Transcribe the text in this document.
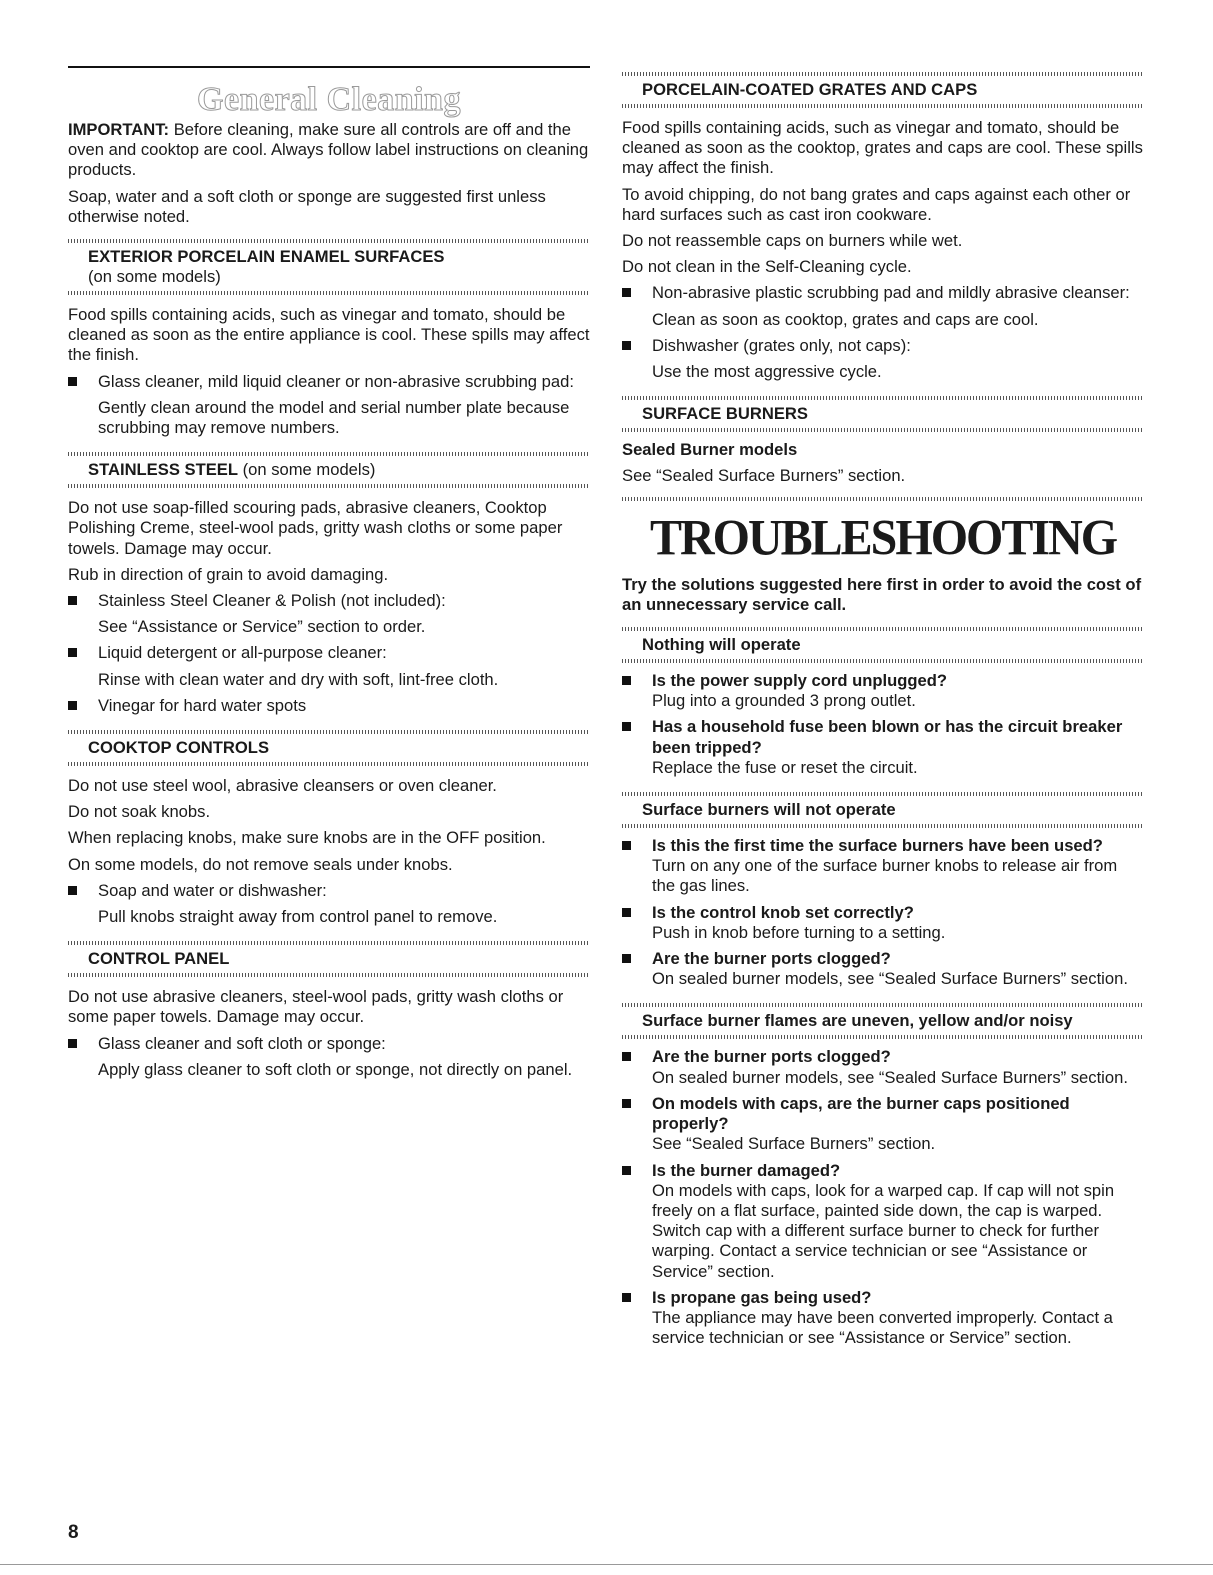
General Cleaning

IMPORTANT: Before cleaning, make sure all controls are off and the oven and cooktop are cool. Always follow label instructions on cleaning products.

Soap, water and a soft cloth or sponge are suggested first unless otherwise noted.

EXTERIOR PORCELAIN ENAMEL SURFACES
(on some models)

Food spills containing acids, such as vinegar and tomato, should be cleaned as soon as the entire appliance is cool. These spills may affect the finish.

Glass cleaner, mild liquid cleaner or non-abrasive scrubbing pad:
Gently clean around the model and serial number plate because scrubbing may remove numbers.
STAINLESS STEEL (on some models)

Do not use soap-filled scouring pads, abrasive cleaners, Cooktop Polishing Creme, steel-wool pads, gritty wash cloths or some paper towels. Damage may occur.

Rub in direction of grain to avoid damaging.

Stainless Steel Cleaner & Polish (not included):
See “Assistance or Service” section to order.
Liquid detergent or all-purpose cleaner:
Rinse with clean water and dry with soft, lint-free cloth.
Vinegar for hard water spots
COOKTOP CONTROLS

Do not use steel wool, abrasive cleansers or oven cleaner.

Do not soak knobs.

When replacing knobs, make sure knobs are in the OFF position.

On some models, do not remove seals under knobs.

Soap and water or dishwasher:
Pull knobs straight away from control panel to remove.
CONTROL PANEL

Do not use abrasive cleaners, steel-wool pads, gritty wash cloths or some paper towels. Damage may occur.

Glass cleaner and soft cloth or sponge:
Apply glass cleaner to soft cloth or sponge, not directly on panel.
PORCELAIN-COATED GRATES AND CAPS

Food spills containing acids, such as vinegar and tomato, should be cleaned as soon as the cooktop, grates and caps are cool. These spills may affect the finish.

To avoid chipping, do not bang grates and caps against each other or hard surfaces such as cast iron cookware.

Do not reassemble caps on burners while wet.

Do not clean in the Self-Cleaning cycle.

Non-abrasive plastic scrubbing pad and mildly abrasive cleanser:
Clean as soon as cooktop, grates and caps are cool.
Dishwasher (grates only, not caps):
Use the most aggressive cycle.
SURFACE BURNERS

Sealed Burner models

See “Sealed Surface Burners” section.

TROUBLESHOOTING

Try the solutions suggested here first in order to avoid the cost of an unnecessary service call.

Nothing will operate
Is the power supply cord unplugged?
Plug into a grounded 3 prong outlet.
Has a household fuse been blown or has the circuit breaker been tripped?
Replace the fuse or reset the circuit.
Surface burners will not operate
Is this the first time the surface burners have been used?
Turn on any one of the surface burner knobs to release air from the gas lines.
Is the control knob set correctly?
Push in knob before turning to a setting.
Are the burner ports clogged?
On sealed burner models, see “Sealed Surface Burners” section.
Surface burner flames are uneven, yellow and/or noisy
Are the burner ports clogged?
On sealed burner models, see “Sealed Surface Burners” section.
On models with caps, are the burner caps positioned properly?
See “Sealed Surface Burners” section.
Is the burner damaged?
On models with caps, look for a warped cap. If cap will not spin freely on a flat surface, painted side down, the cap is warped. Switch cap with a different surface burner to check for further warping. Contact a service technician or see “Assistance or Service” section.
Is propane gas being used?
The appliance may have been converted improperly. Contact a service technician or see “Assistance or Service” section.
8
